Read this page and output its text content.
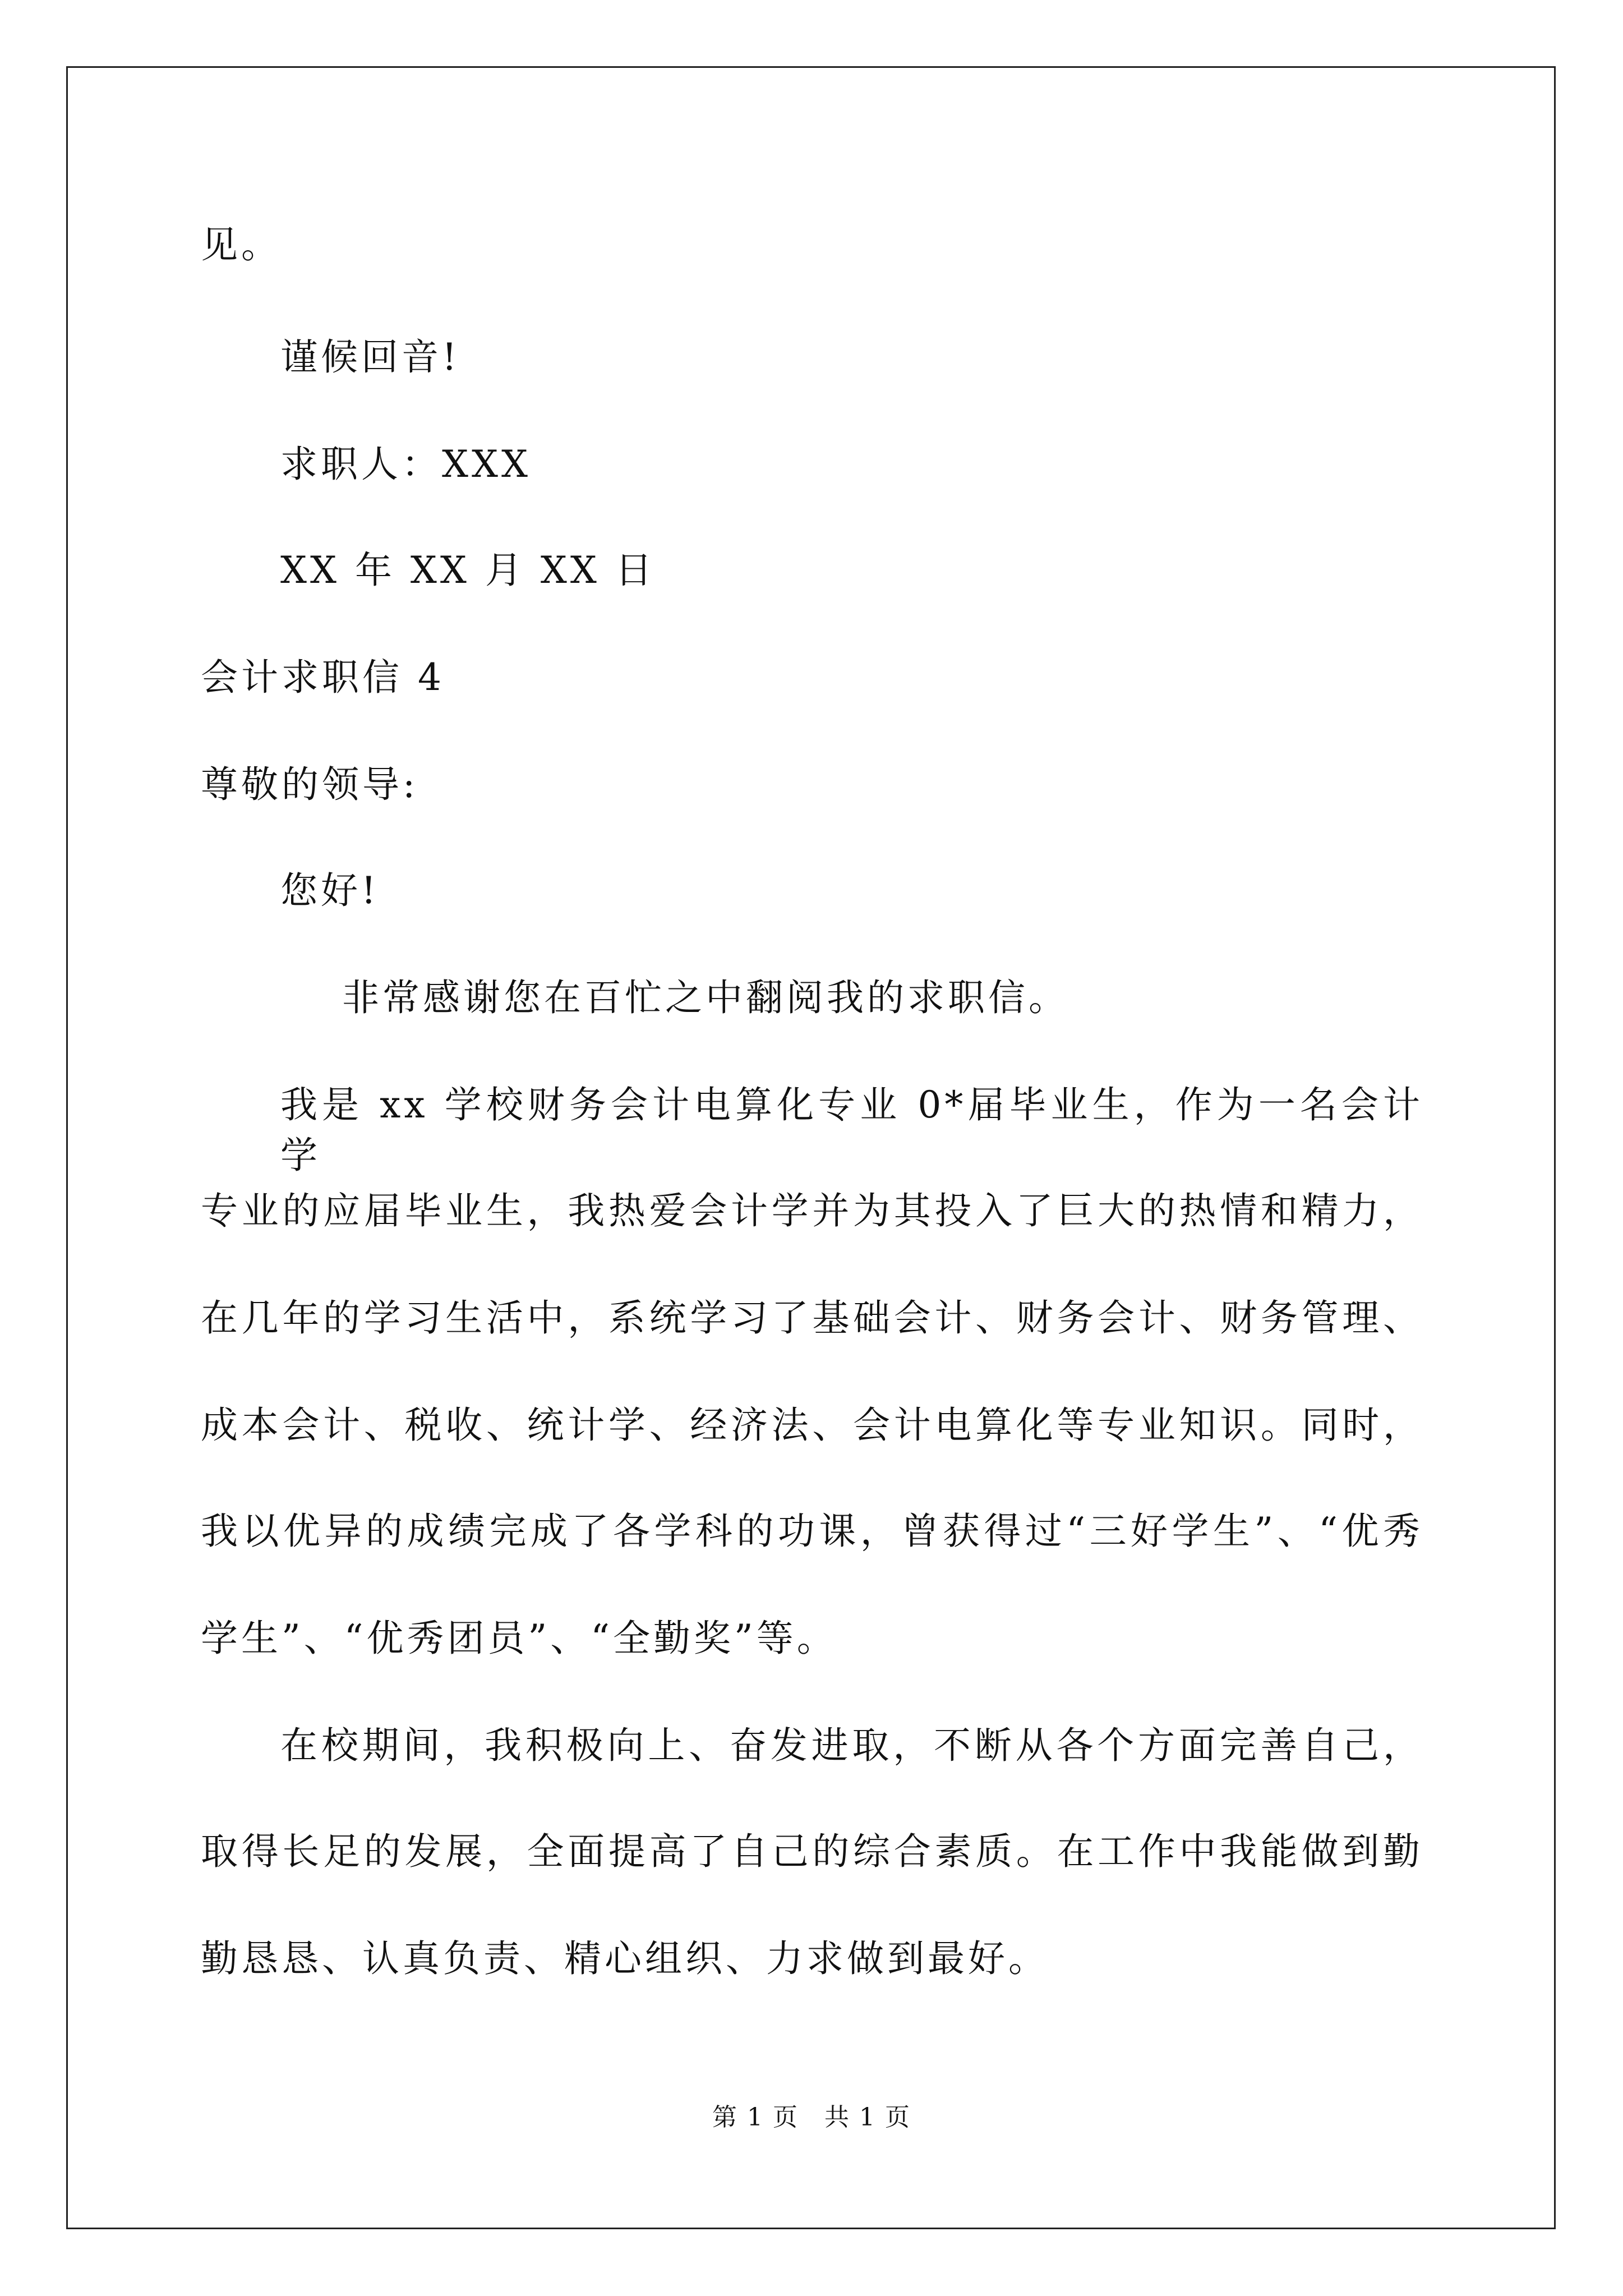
见。
谨候回音!
求职人：XXX
XX 年 XX 月 XX 日
会计求职信 4
尊敬的领导:
您好!
非常感谢您在百忙之中翻阅我的求职信。
我是 xx 学校财务会计电算化专业 0*届毕业生，作为一名会计学
专业的应届毕业生，我热爱会计学并为其投入了巨大的热情和精力，
在几年的学习生活中，系统学习了基础会计、财务会计、财务管理、
成本会计、税收、统计学、经济法、会计电算化等专业知识。同时，
我以优异的成绩完成了各学科的功课，曾获得过“三好学生”、“优秀
学生”、“优秀团员”、“全勤奖”等。
在校期间，我积极向上、奋发进取，不断从各个方面完善自己，
取得长足的发展，全面提高了自己的综合素质。在工作中我能做到勤
勤恳恳、认真负责、精心组织、力求做到最好。
第 1 页　共 1 页
